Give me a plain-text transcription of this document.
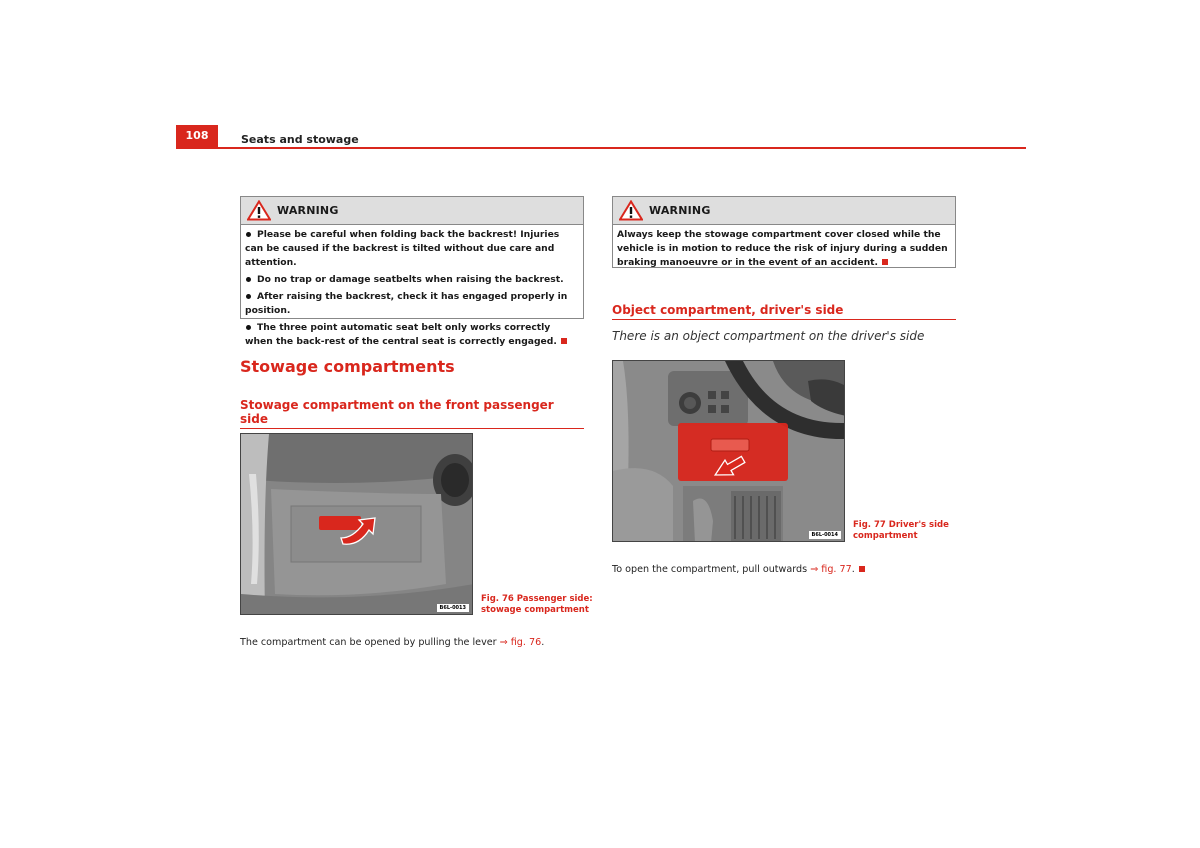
108	Seats and stowage
WARNING
Please be careful when folding back the backrest! Injuries can be caused if the backrest is tilted without due care and attention.
Do no trap or damage seatbelts when raising the backrest.
After raising the backrest, check it has engaged properly in position.
The three point automatic seat belt only works correctly when the back-rest of the central seat is correctly engaged.
WARNING
Always keep the stowage compartment cover closed while the vehicle is in motion to reduce the risk of injury during a sudden braking manoeuvre or in the event of an accident.
Stowage compartments
Stowage compartment on the front passenger side
B6L-0013
Fig. 76 Passenger side:
stowage compartment
The compartment can be opened by pulling the lever ⇒ fig. 76.
Object compartment, driver's side
There is an object compartment on the driver's side
B6L-0014
Fig. 77 Driver's side
compartment
To open the compartment, pull outwards ⇒ fig. 77.
